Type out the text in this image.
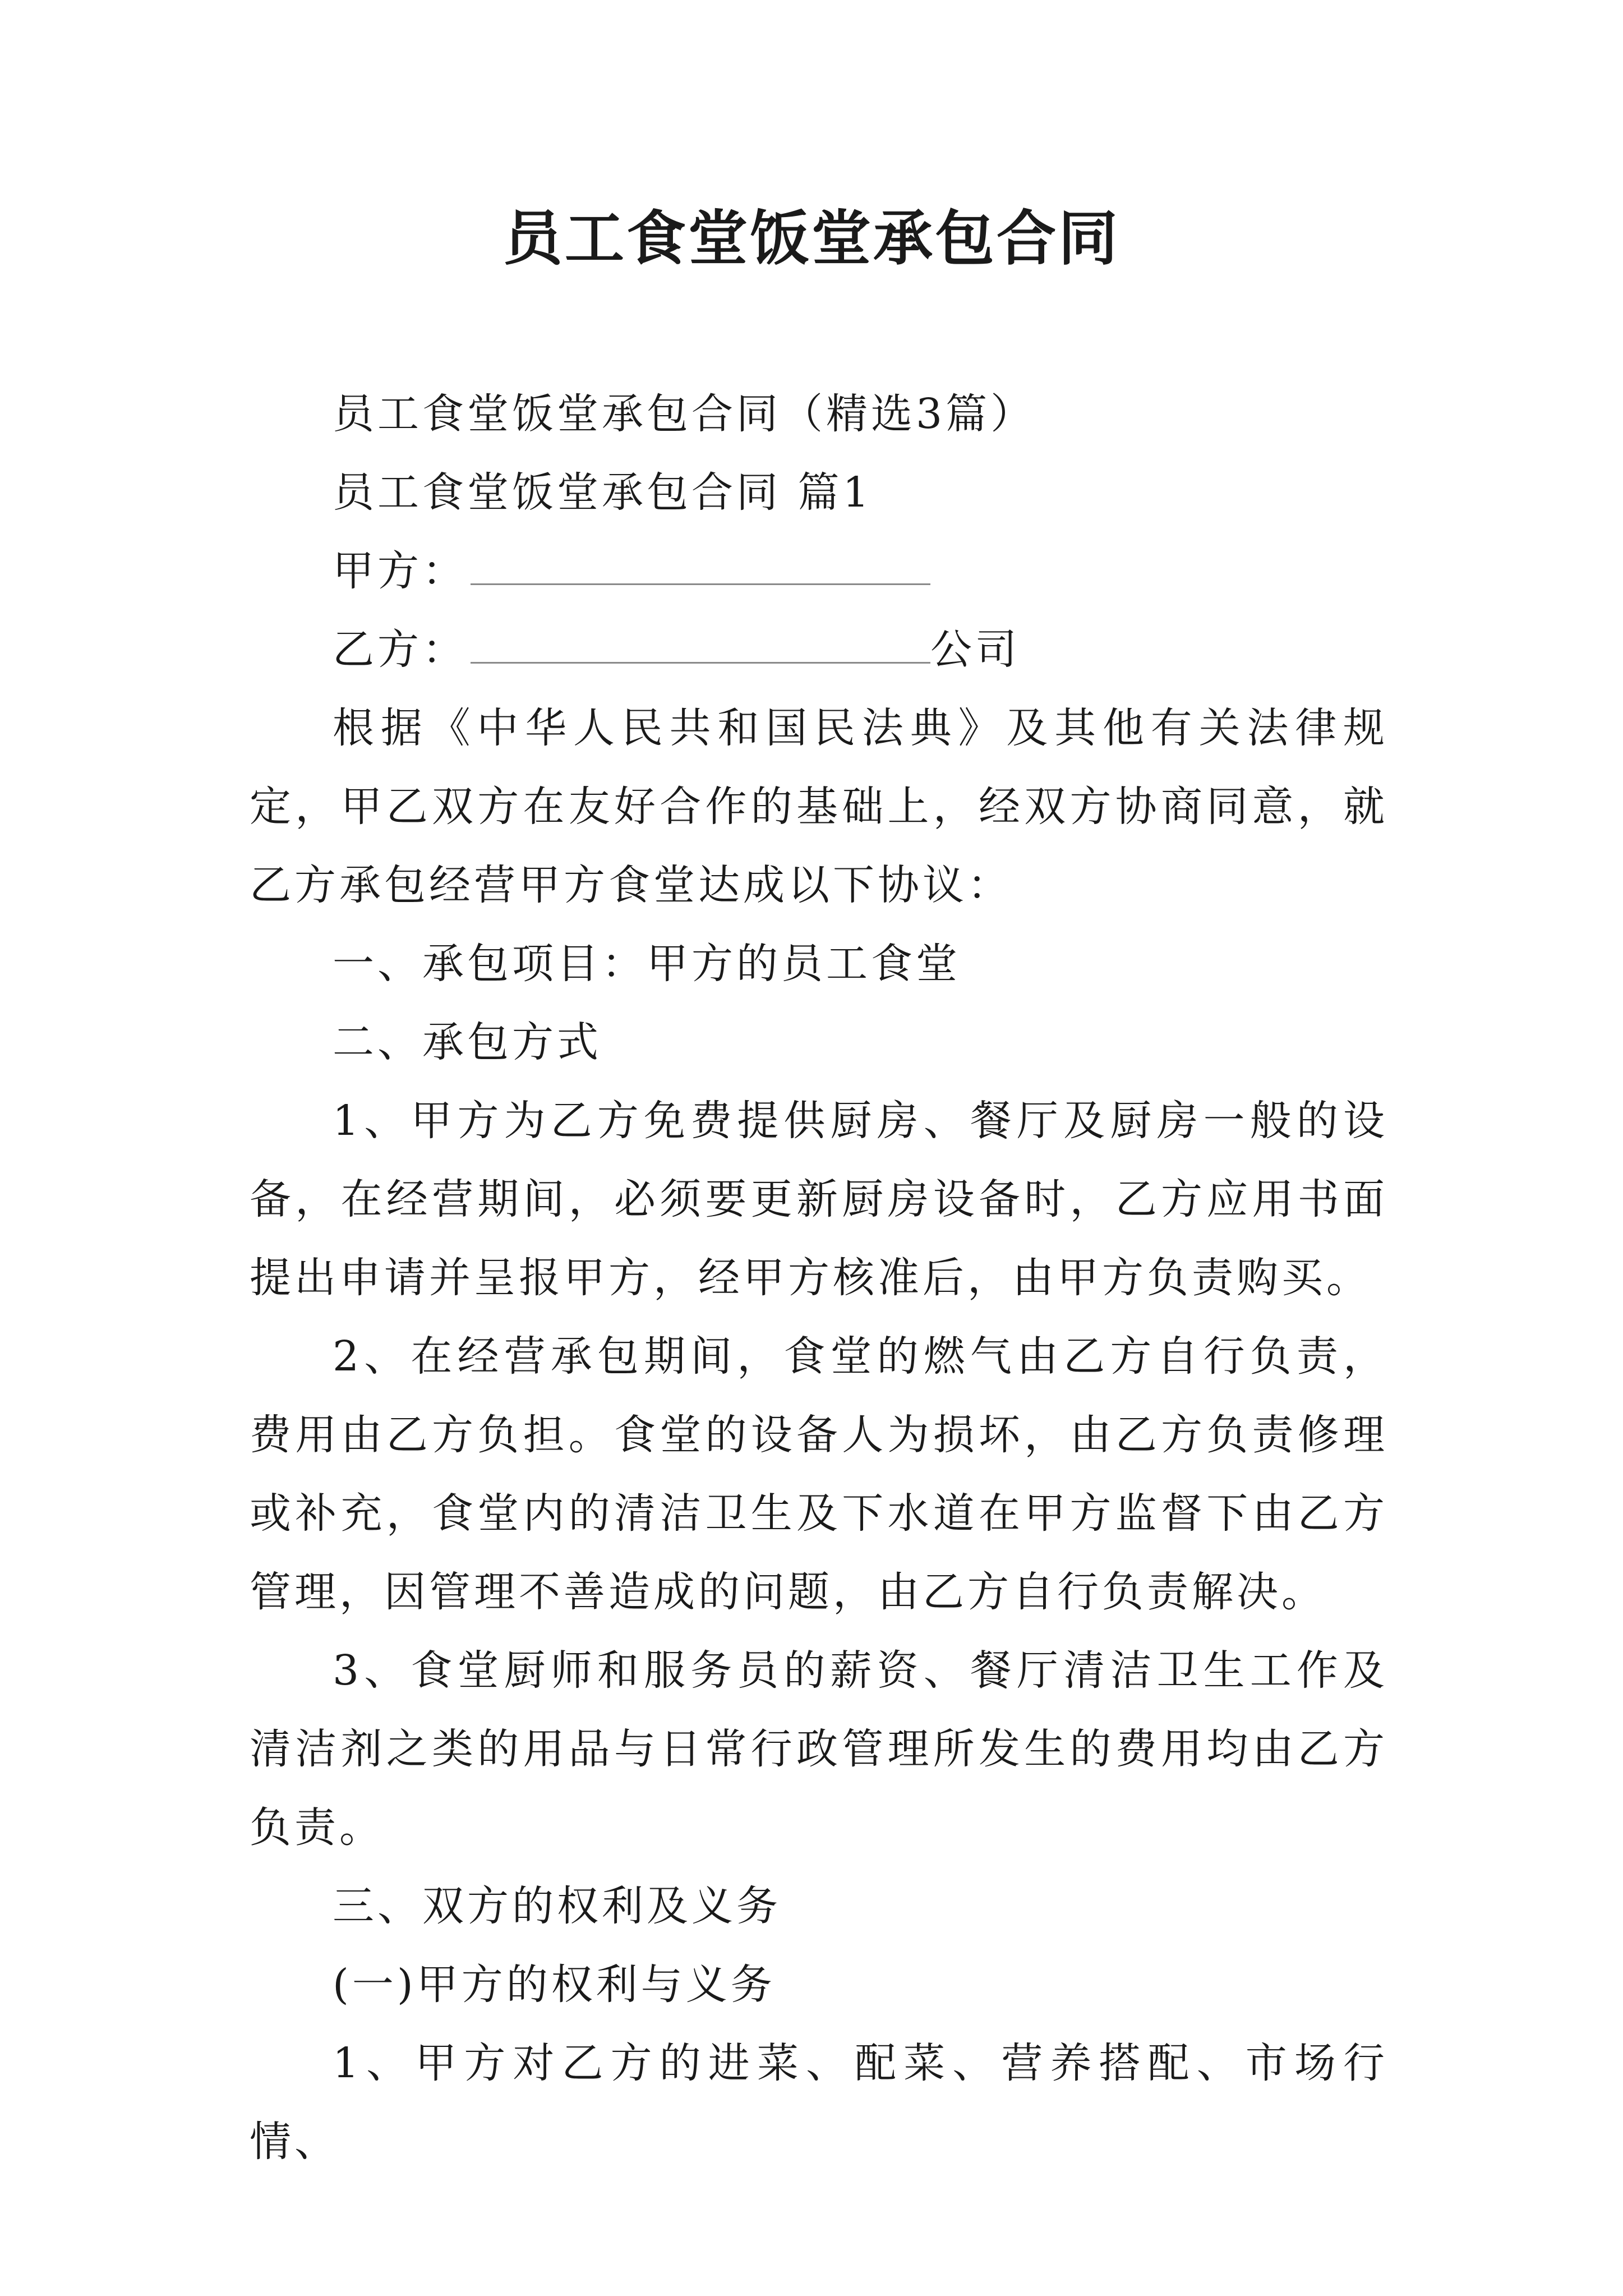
员工食堂饭堂承包合同

员工食堂饭堂承包合同（精选3篇）

员工食堂饭堂承包合同 篇1

甲方：
乙方：	公司

根据《中华人民共和国民法典》及其他有关法律规定，甲乙双方在友好合作的基础上，经双方协商同意，就乙方承包经营甲方食堂达成以下协议：

一、承包项目：甲方的员工食堂

二、承包方式

1、甲方为乙方免费提供厨房、餐厅及厨房一般的设备，在经营期间，必须要更新厨房设备时，乙方应用书面提出申请并呈报甲方，经甲方核准后，由甲方负责购买。

2、在经营承包期间，食堂的燃气由乙方自行负责，费用由乙方负担。食堂的设备人为损坏，由乙方负责修理或补充，食堂内的清洁卫生及下水道在甲方监督下由乙方管理，因管理不善造成的问题，由乙方自行负责解决。

3、食堂厨师和服务员的薪资、餐厅清洁卫生工作及清洁剂之类的用品与日常行政管理所发生的费用均由乙方负责。

三、双方的权利及义务

(一)甲方的权利与义务

1、甲方对乙方的进菜、配菜、营养搭配、市场行情、
